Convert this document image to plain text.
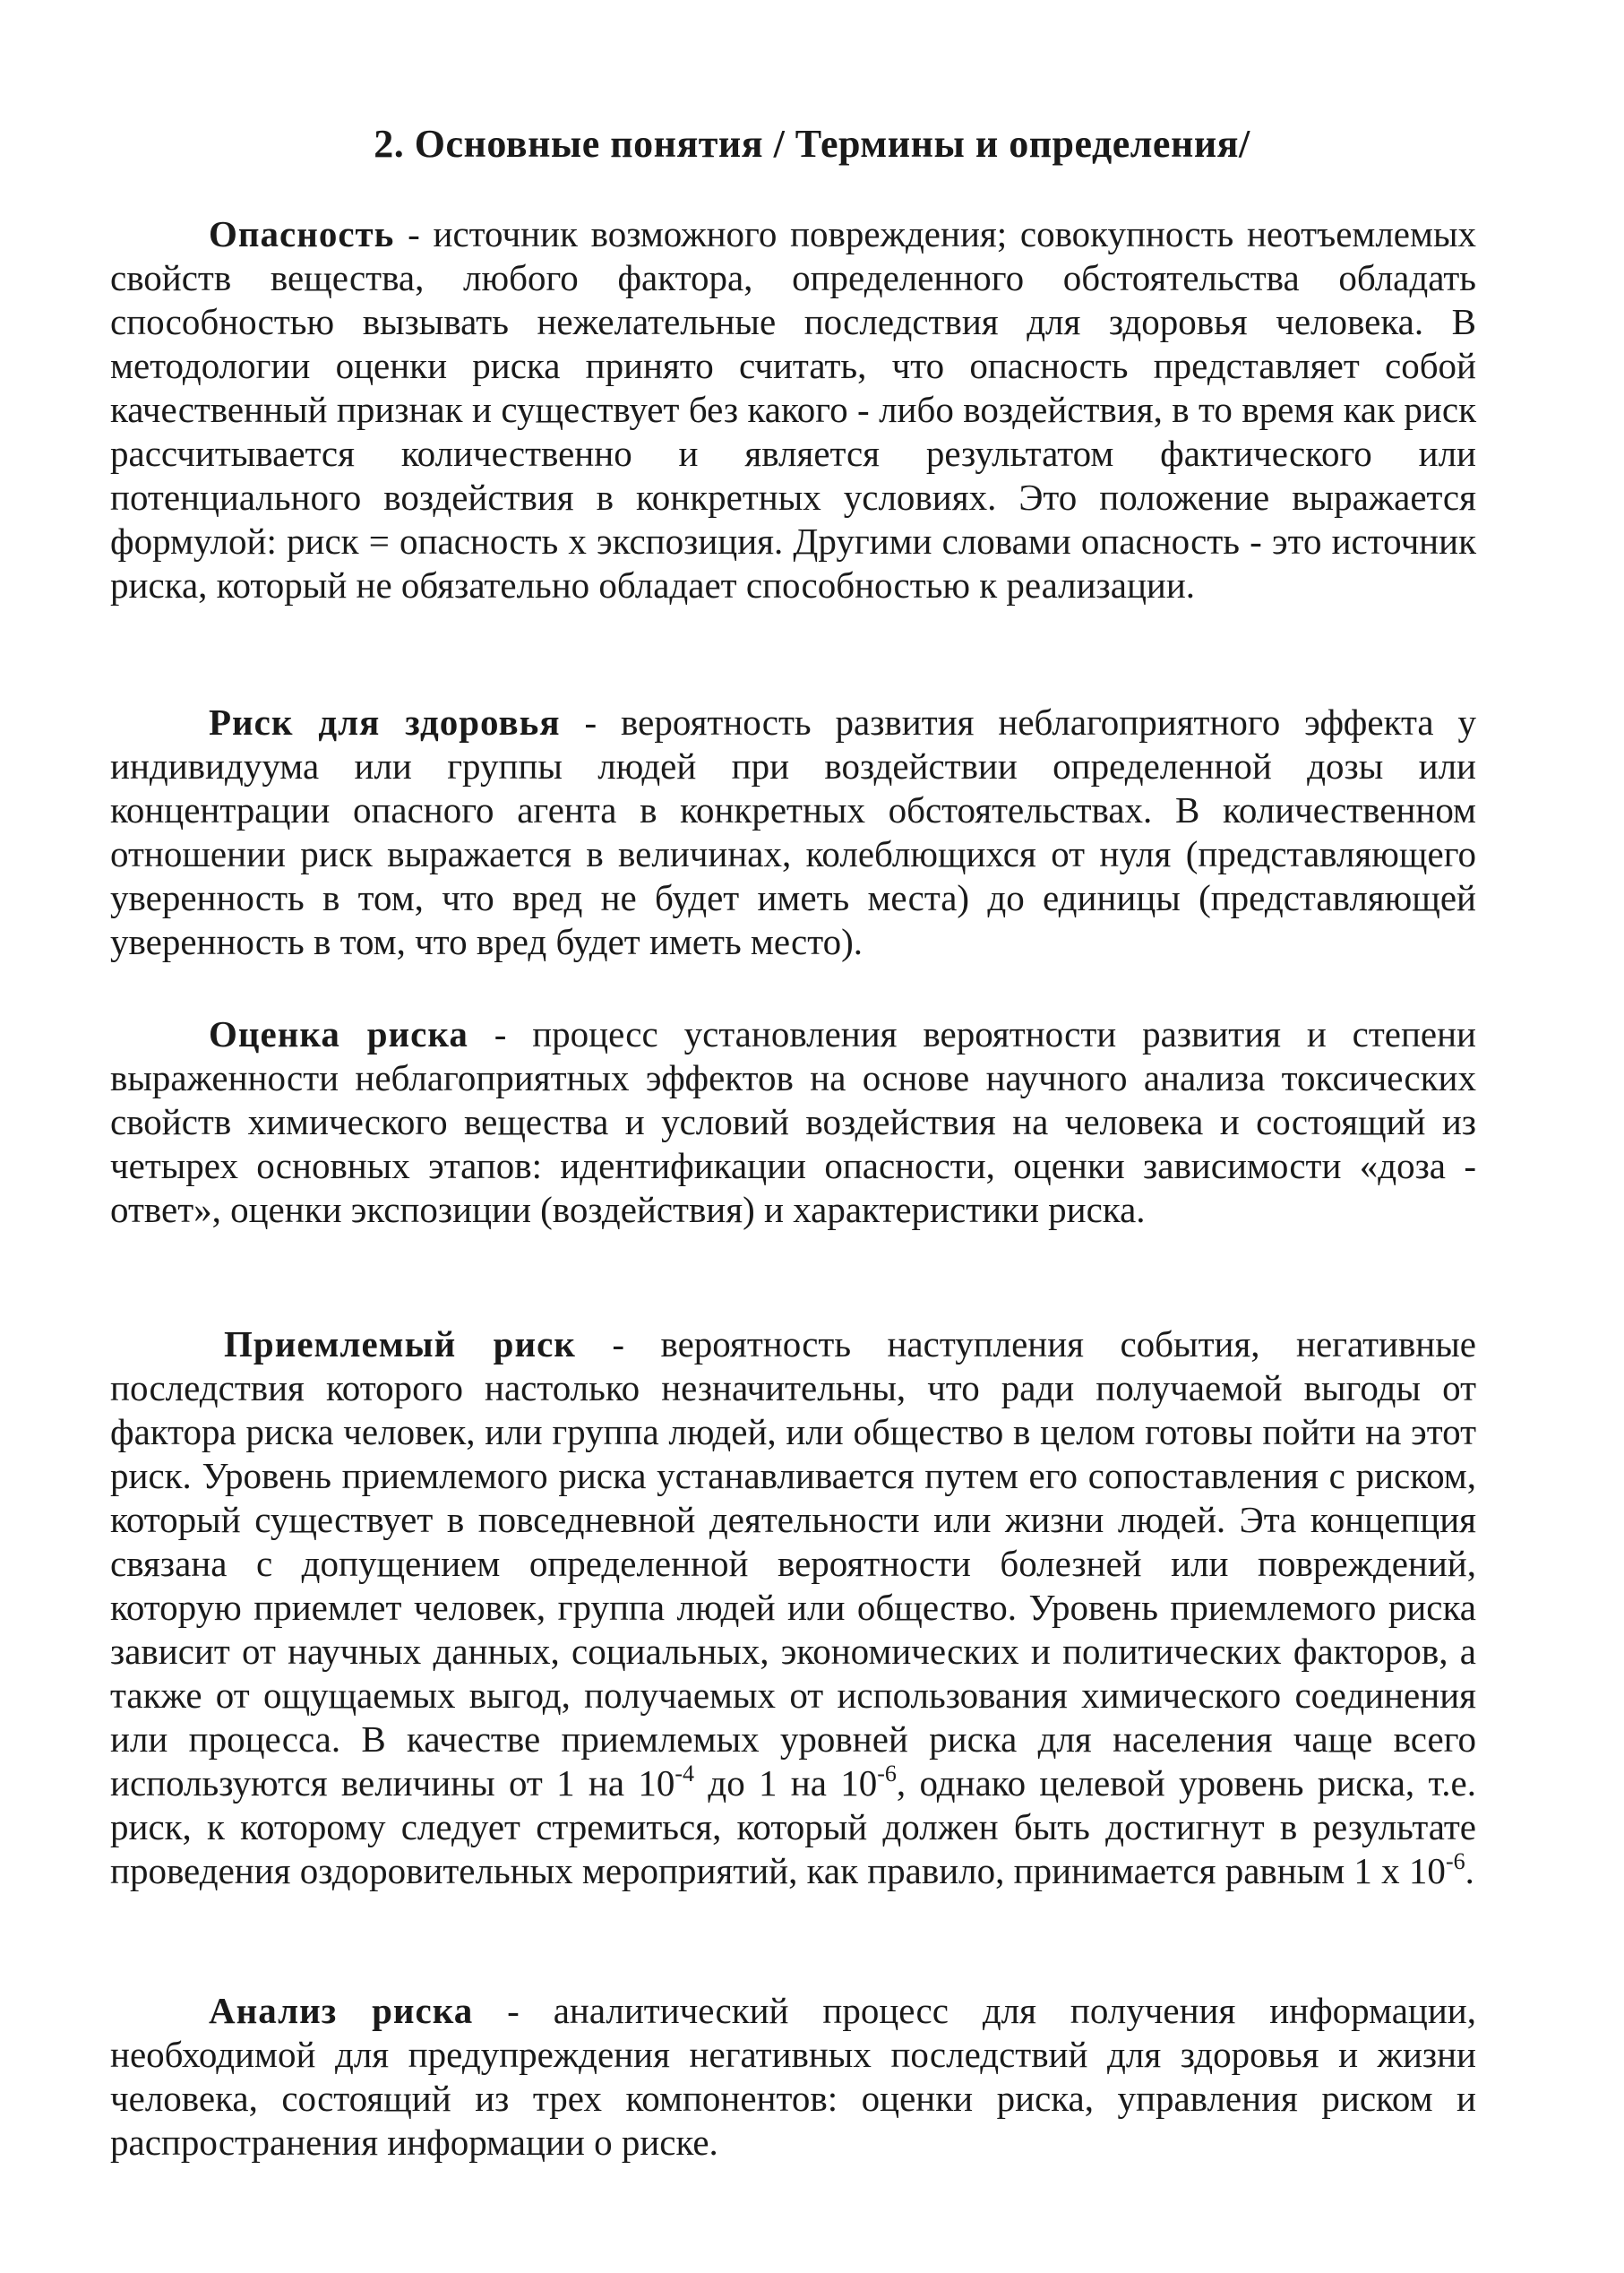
2. Основные понятия / Термины и определения/

Опасность - источник возможного повреждения; совокупность неотъемлемых свойств вещества, любого фактора, определенного обстоятельства обладать способностью вызывать нежелательные последствия для здоровья человека. В методологии оценки риска принято считать, что опасность представляет собой качественный признак и существует без какого - либо воздействия, в то время как риск рассчитывается количественно и является результатом фактического или потенциального воздействия в конкретных условиях. Это положение выражается формулой: риск = опасность х экспозиция. Другими словами опасность - это источник риска, который не обязательно обладает способностью к реализации.

Риск для здоровья - вероятность развития неблагоприятного эффекта у индивидуума или группы людей при воздействии определенной дозы или концентрации опасного агента в конкретных обстоятельствах. В количественном отношении риск выражается в величинах, колеблющихся от нуля (представляющего уверенность в том, что вред не будет иметь места) до единицы (представляющей уверенность в том, что вред будет иметь место).

Оценка риска - процесс установления вероятности развития и степени выраженности неблагоприятных эффектов на основе научного анализа токсических свойств химического вещества и условий воздействия на человека и состоящий из четырех основных этапов: идентификации опасности, оценки зависимости «доза - ответ», оценки экспозиции (воздействия) и характеристики риска.

Приемлемый риск - вероятность наступления события, негативные последствия которого настолько незначительны, что ради получаемой выгоды от фактора риска человек, или группа людей, или общество в целом готовы пойти на этот риск. Уровень приемлемого риска устанавливается путем его сопоставления с риском, который существует в повседневной деятельности или жизни людей. Эта концепция связана с допущением определенной вероятности болезней или повреждений, которую приемлет человек, группа людей или общество. Уровень приемлемого риска зависит от научных данных, социальных, экономических и политических факторов, а также от ощущаемых выгод, получаемых от использования химического соединения или процесса. В качестве приемлемых уровней риска для населения чаще всего используются величины от 1 на $10^{-4}$ до 1 на $10^{-6}$, однако целевой уровень риска, т.е. риск, к которому следует стремиться, который должен быть достигнут в результате проведения оздоровительных мероприятий, как правило, принимается равным 1 х $10^{-6}$.

Анализ риска - аналитический процесс для получения информации, необходимой для предупреждения негативных последствий для здоровья и жизни человека, состоящий из трех компонентов: оценки риска, управления риском и распространения информации о риске.
